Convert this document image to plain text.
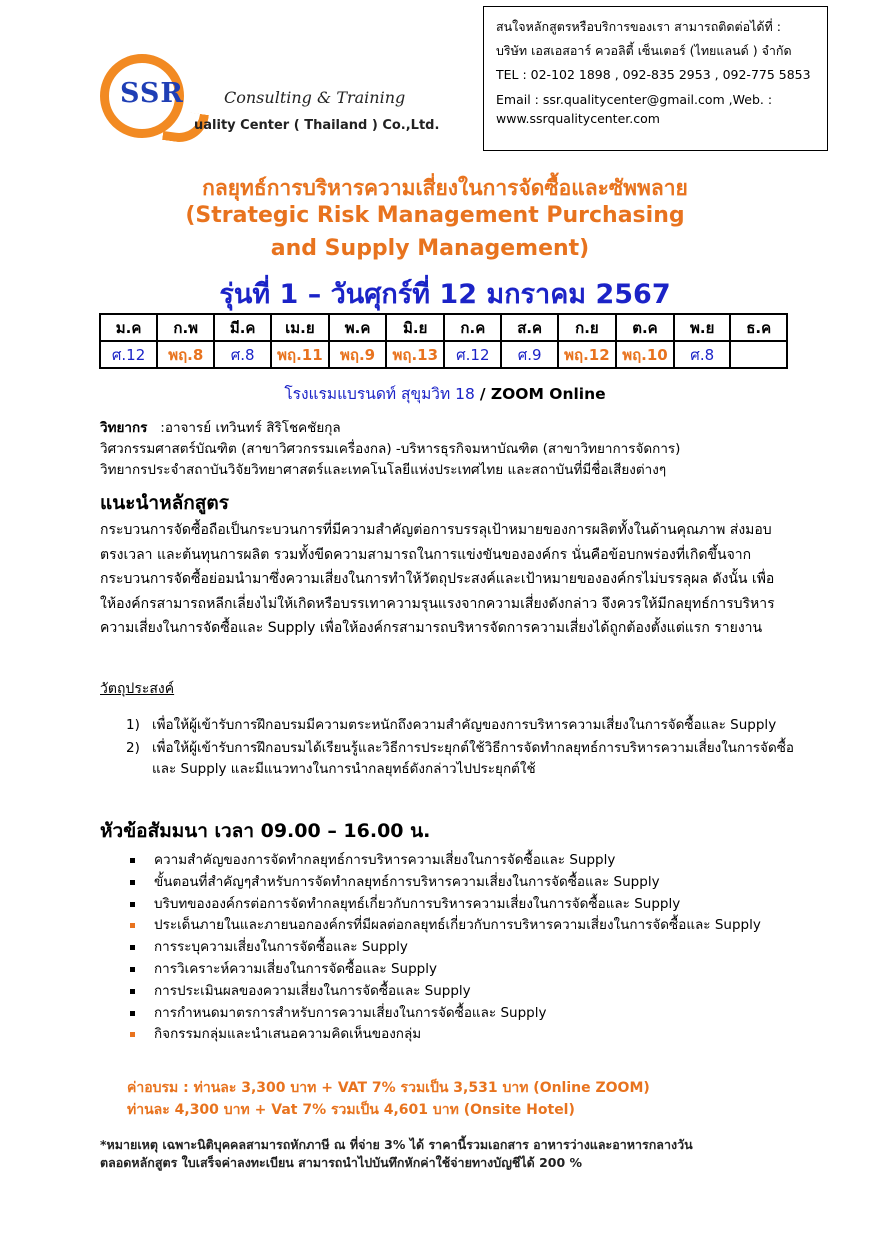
SSR	Consulting & Training
uality Center ( Thailand ) Co.,Ltd.
สนใจหลักสูตรหรือบริการของเรา สามารถติดต่อได้ที่ :
บริษัท เอสเอสอาร์ ควอลิตี้ เซ็นเตอร์ (ไทยแลนด์ ) จำกัด
TEL : 02-102 1898 , 092-835 2953 , 092-775 5853
Email : ssr.qualitycenter@gmail.com ,Web. :
www.ssrqualitycenter.com
กลยุทธ์การบริหารความเสี่ยงในการจัดซื้อและซัพพลาย
(Strategic Risk Management Purchasing
and Supply Management)
รุ่นที่ 1 – วันศุกร์ที่ 12 มกราคม 2567
ม.ค	ก.พ	มี.ค	เม.ย	พ.ค	มิ.ย	ก.ค	ส.ค	ก.ย	ต.ค	พ.ย	ธ.ค
ศ.12	พฤ.8	ศ.8	พฤ.11	พฤ.9	พฤ.13	ศ.12	ศ.9	พฤ.12	พฤ.10	ศ.8	
โรงแรมแบรนดท์ สุขุมวิท 18 / ZOOM Online
วิทยากร :อาจารย์ เทวินทร์ สิริโชคชัยกุล
วิศวกรรมศาสตร์บัณฑิต (สาขาวิศวกรรมเครื่องกล) -บริหารธุรกิจมหาบัณฑิต (สาขาวิทยาการจัดการ)
วิทยากรประจำสถาบันวิจัยวิทยาศาสตร์และเทคโนโลยีแห่งประเทศไทย และสถาบันที่มีชื่อเสียงต่างๆ
แนะนำหลักสูตร
กระบวนการจัดซื้อถือเป็นกระบวนการที่มีความสำคัญต่อการบรรลุเป้าหมายของการผลิตทั้งในด้านคุณภาพ ส่งมอบตรงเวลา และต้นทุนการผลิต รวมทั้งขีดความสามารถในการแข่งขันขององค์กร นั่นคือข้อบกพร่องที่เกิดขึ้นจากกระบวนการจัดซื้อย่อมนำมาซึ่งความเสี่ยงในการทำให้วัตถุประสงค์และเป้าหมายขององค์กรไม่บรรลุผล ดังนั้น เพื่อให้องค์กรสามารถหลีกเลี่ยงไม่ให้เกิดหรือบรรเทาความรุนแรงจากความเสี่ยงดังกล่าว จึงควรให้มีกลยุทธ์การบริหารความเสี่ยงในการจัดซื้อและ Supply เพื่อให้องค์กรสามารถบริหารจัดการความเสี่ยงได้ถูกต้องตั้งแต่แรก รายงาน
วัตถุประสงค์
1) เพื่อให้ผู้เข้ารับการฝึกอบรมมีความตระหนักถึงความสำคัญของการบริหารความเสี่ยงในการจัดซื้อและ Supply
2) เพื่อให้ผู้เข้ารับการฝึกอบรมได้เรียนรู้และวิธีการประยุกต์ใช้วิธีการจัดทำกลยุทธ์การบริหารความเสี่ยงในการจัดซื้อและ Supply และมีแนวทางในการนำกลยุทธ์ดังกล่าวไปประยุกต์ใช้
หัวข้อสัมมนา เวลา 09.00 – 16.00 น.
ความสำคัญของการจัดทำกลยุทธ์การบริหารความเสี่ยงในการจัดซื้อและ Supply
ขั้นตอนที่สำคัญๆสำหรับการจัดทำกลยุทธ์การบริหารความเสี่ยงในการจัดซื้อและ Supply
บริบทขององค์กรต่อการจัดทำกลยุทธ์เกี่ยวกับการบริหารความเสี่ยงในการจัดซื้อและ Supply
ประเด็นภายในและภายนอกองค์กรที่มีผลต่อกลยุทธ์เกี่ยวกับการบริหารความเสี่ยงในการจัดซื้อและ Supply
การระบุความเสี่ยงในการจัดซื้อและ Supply
การวิเคราะห์ความเสี่ยงในการจัดซื้อและ Supply
การประเมินผลของความเสี่ยงในการจัดซื้อและ Supply
การกำหนดมาตรการสำหรับการความเสี่ยงในการจัดซื้อและ Supply
กิจกรรมกลุ่มและนำเสนอความคิดเห็นของกลุ่ม
ค่าอบรม : ท่านละ 3,300 บาท + VAT 7% รวมเป็น 3,531 บาท (Online ZOOM)
ท่านละ 4,300 บาท + Vat 7% รวมเป็น 4,601 บาท (Onsite Hotel)
*หมายเหตุ เฉพาะนิติบุคคลสามารถหักภาษี ณ ที่จ่าย 3% ได้ ราคานี้รวมเอกสาร อาหารว่างและอาหารกลางวัน
ตลอดหลักสูตร ใบเสร็จค่าลงทะเบียน สามารถนำไปบันทึกหักค่าใช้จ่ายทางบัญชีได้ 200 %
